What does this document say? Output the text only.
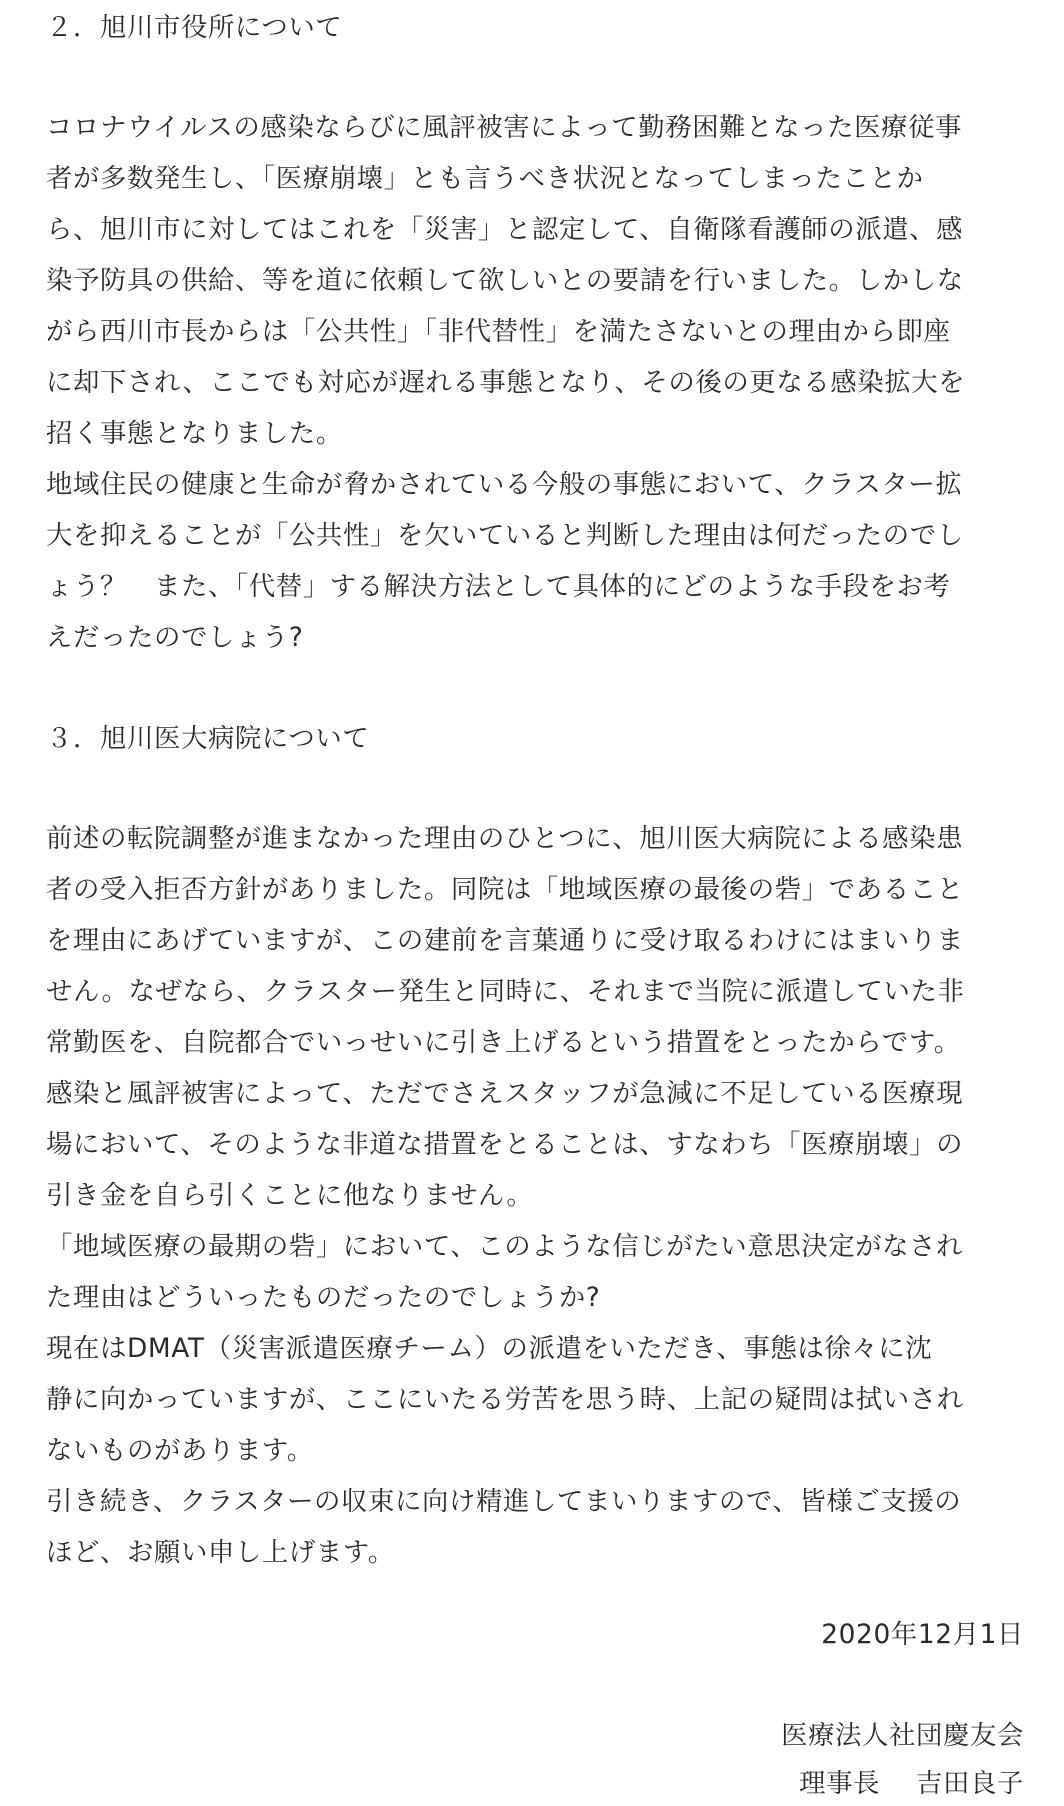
２．旭川市役所について
コロナウイルスの感染ならびに風評被害によって勤務困難となった医療従事
者が多数発生し、「医療崩壊」とも言うべき状況となってしまったことか
ら、旭川市に対してはこれを「災害」と認定して、自衛隊看護師の派遣、感
染予防具の供給、等を道に依頼して欲しいとの要請を行いました。しかしな
がら西川市長からは「公共性」「非代替性」を満たさないとの理由から即座
に却下され、ここでも対応が遅れる事態となり、その後の更なる感染拡大を
招く事態となりました。
地域住民の健康と生命が脅かされている今般の事態において、クラスター拡
大を抑えることが「公共性」を欠いていると判断した理由は何だったのでし
ょう？　また、「代替」する解決方法として具体的にどのような手段をお考
えだったのでしょう?
３．旭川医大病院について
前述の転院調整が進まなかった理由のひとつに、旭川医大病院による感染患
者の受入拒否方針がありました。同院は「地域医療の最後の砦」であること
を理由にあげていますが、この建前を言葉通りに受け取るわけにはまいりま
せん。なぜなら、クラスター発生と同時に、それまで当院に派遣していた非
常勤医を、自院都合でいっせいに引き上げるという措置をとったからです。
感染と風評被害によって、ただでさえスタッフが急減に不足している医療現
場において、そのような非道な措置をとることは、すなわち「医療崩壊」の
引き金を自ら引くことに他なりません。
「地域医療の最期の砦」において、このような信じがたい意思決定がなされ
た理由はどういったものだったのでしょうか?
現在はDMAT（災害派遣医療チーム）の派遣をいただき、事態は徐々に沈
静に向かっていますが、ここにいたる労苦を思う時、上記の疑問は拭いされ
ないものがあります。
引き続き、クラスターの収束に向け精進してまいりますので、皆様ご支援の
ほど、お願い申し上げます。
2020年12月1日
医療法人社団慶友会
理事長　 吉田良子
